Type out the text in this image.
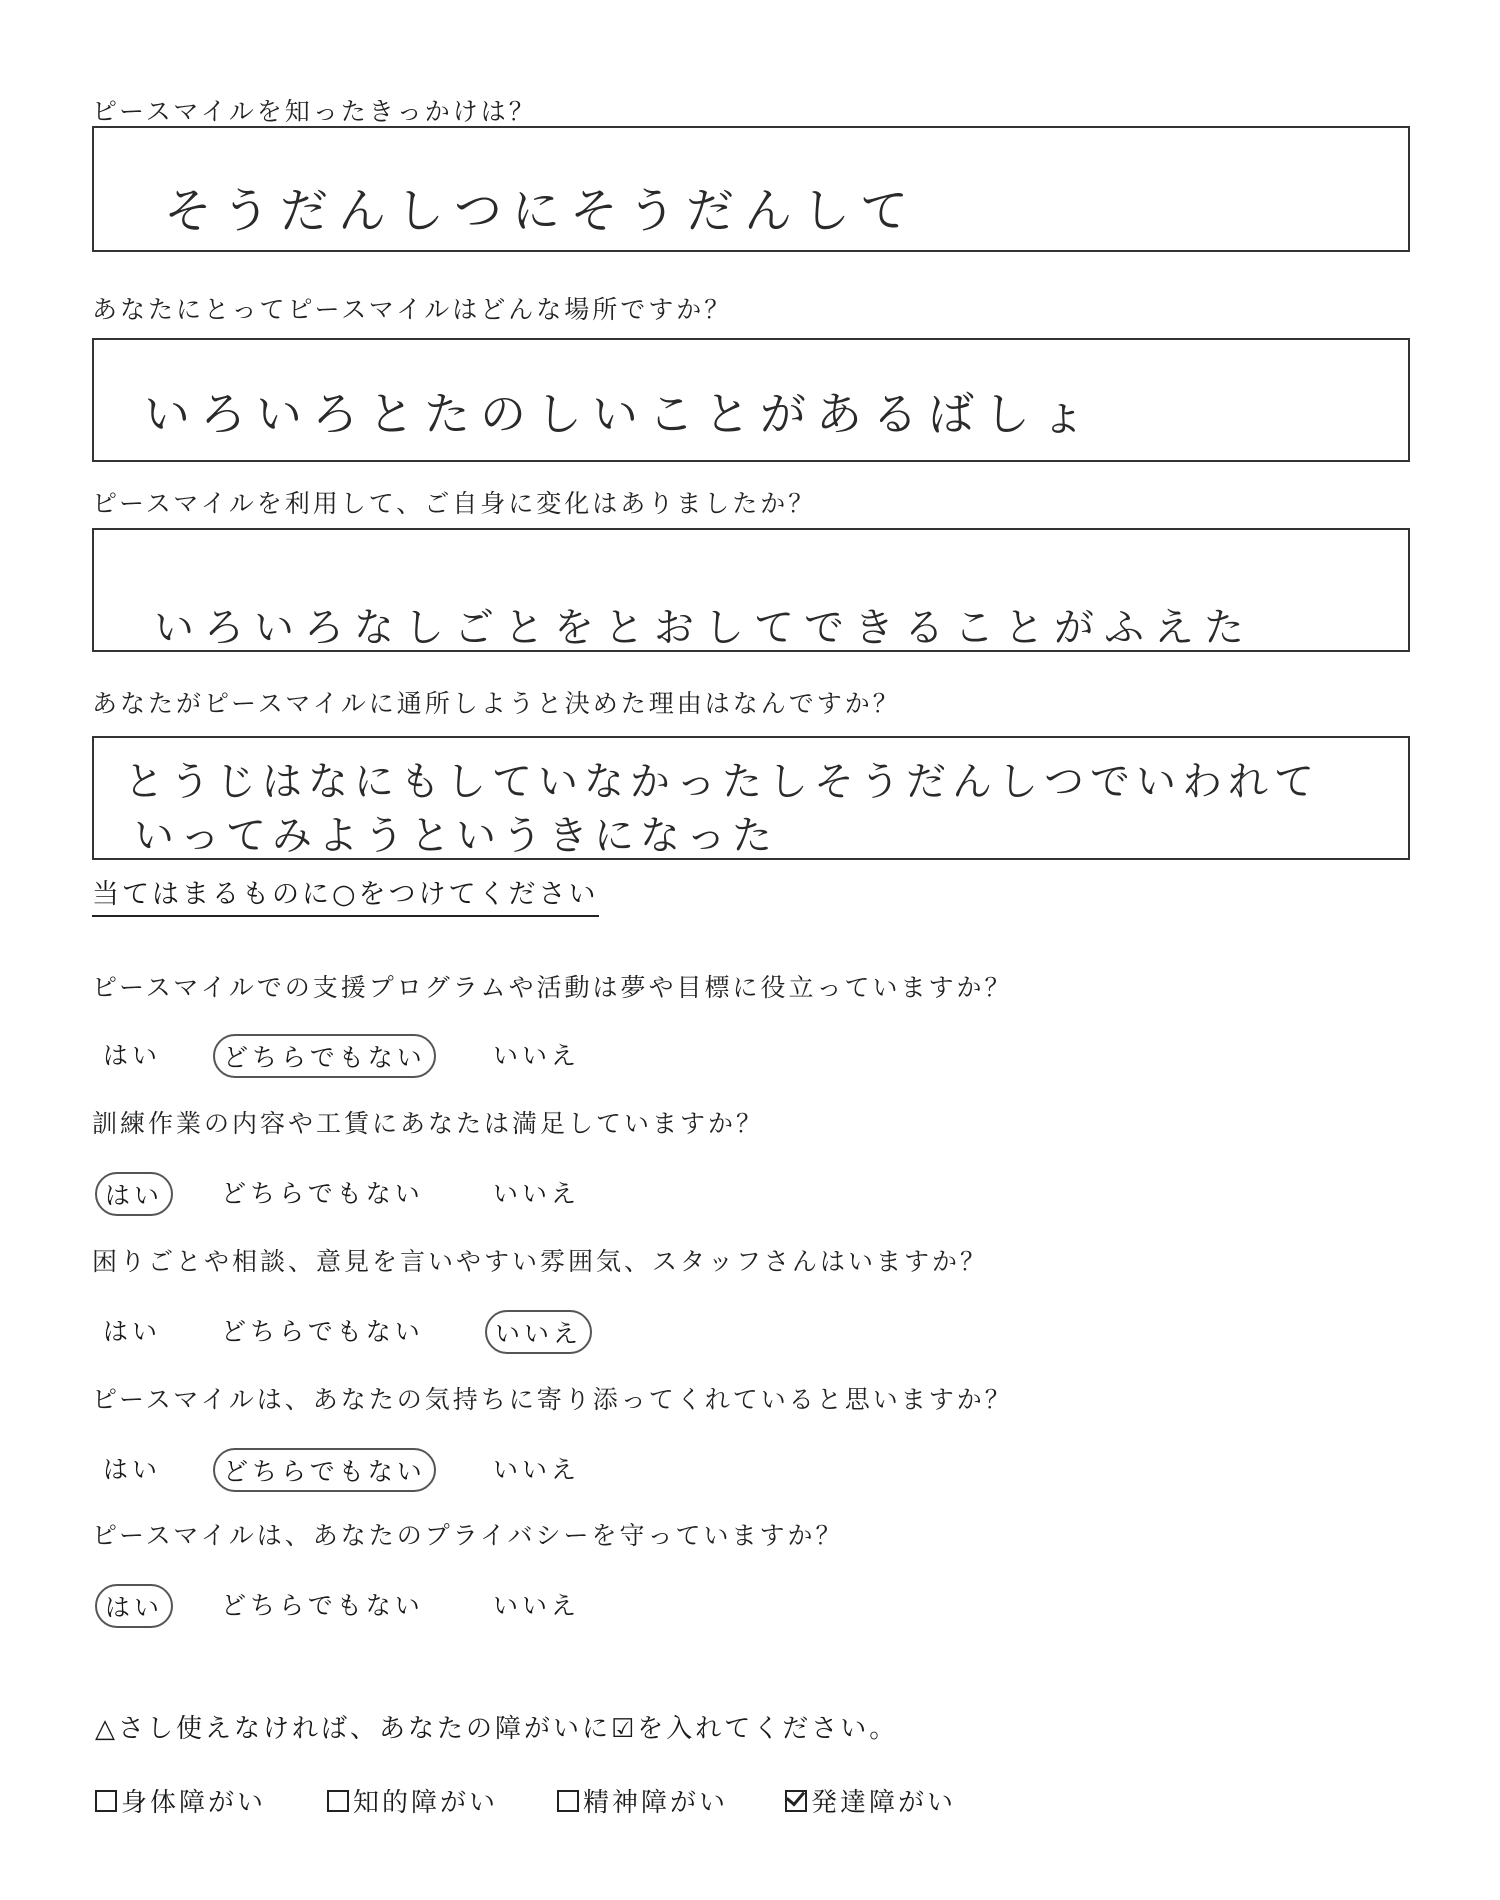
ピースマイルを知ったきっかけは？
そうだんしつにそうだんして
あなたにとってピースマイルはどんな場所ですか？
いろいろとたのしいことがあるばしょ
ピースマイルを利用して、ご自身に変化はありましたか？
いろいろなしごとをとおしてできることがふえた
あなたがピースマイルに通所しようと決めた理由はなんですか？
とうじはなにもしていなかったしそうだんしつでいわれて
いってみようというきになった
当てはまるものに○をつけてください
ピースマイルでの支援プログラムや活動は夢や目標に役立っていますか？
はい	どちらでもない	いいえ
訓練作業の内容や工賃にあなたは満足していますか？
はい	どちらでもない	いいえ
困りごとや相談、意見を言いやすい雰囲気、スタッフさんはいますか？
はい	どちらでもない	いいえ
ピースマイルは、あなたの気持ちに寄り添ってくれていると思いますか？
はい	どちらでもない	いいえ
ピースマイルは、あなたのプライバシーを守っていますか？
はい	どちらでもない	いいえ
△さし使えなければ、あなたの障がいに☑を入れてください。
身体障がい	知的障がい	精神障がい	発達障がい
